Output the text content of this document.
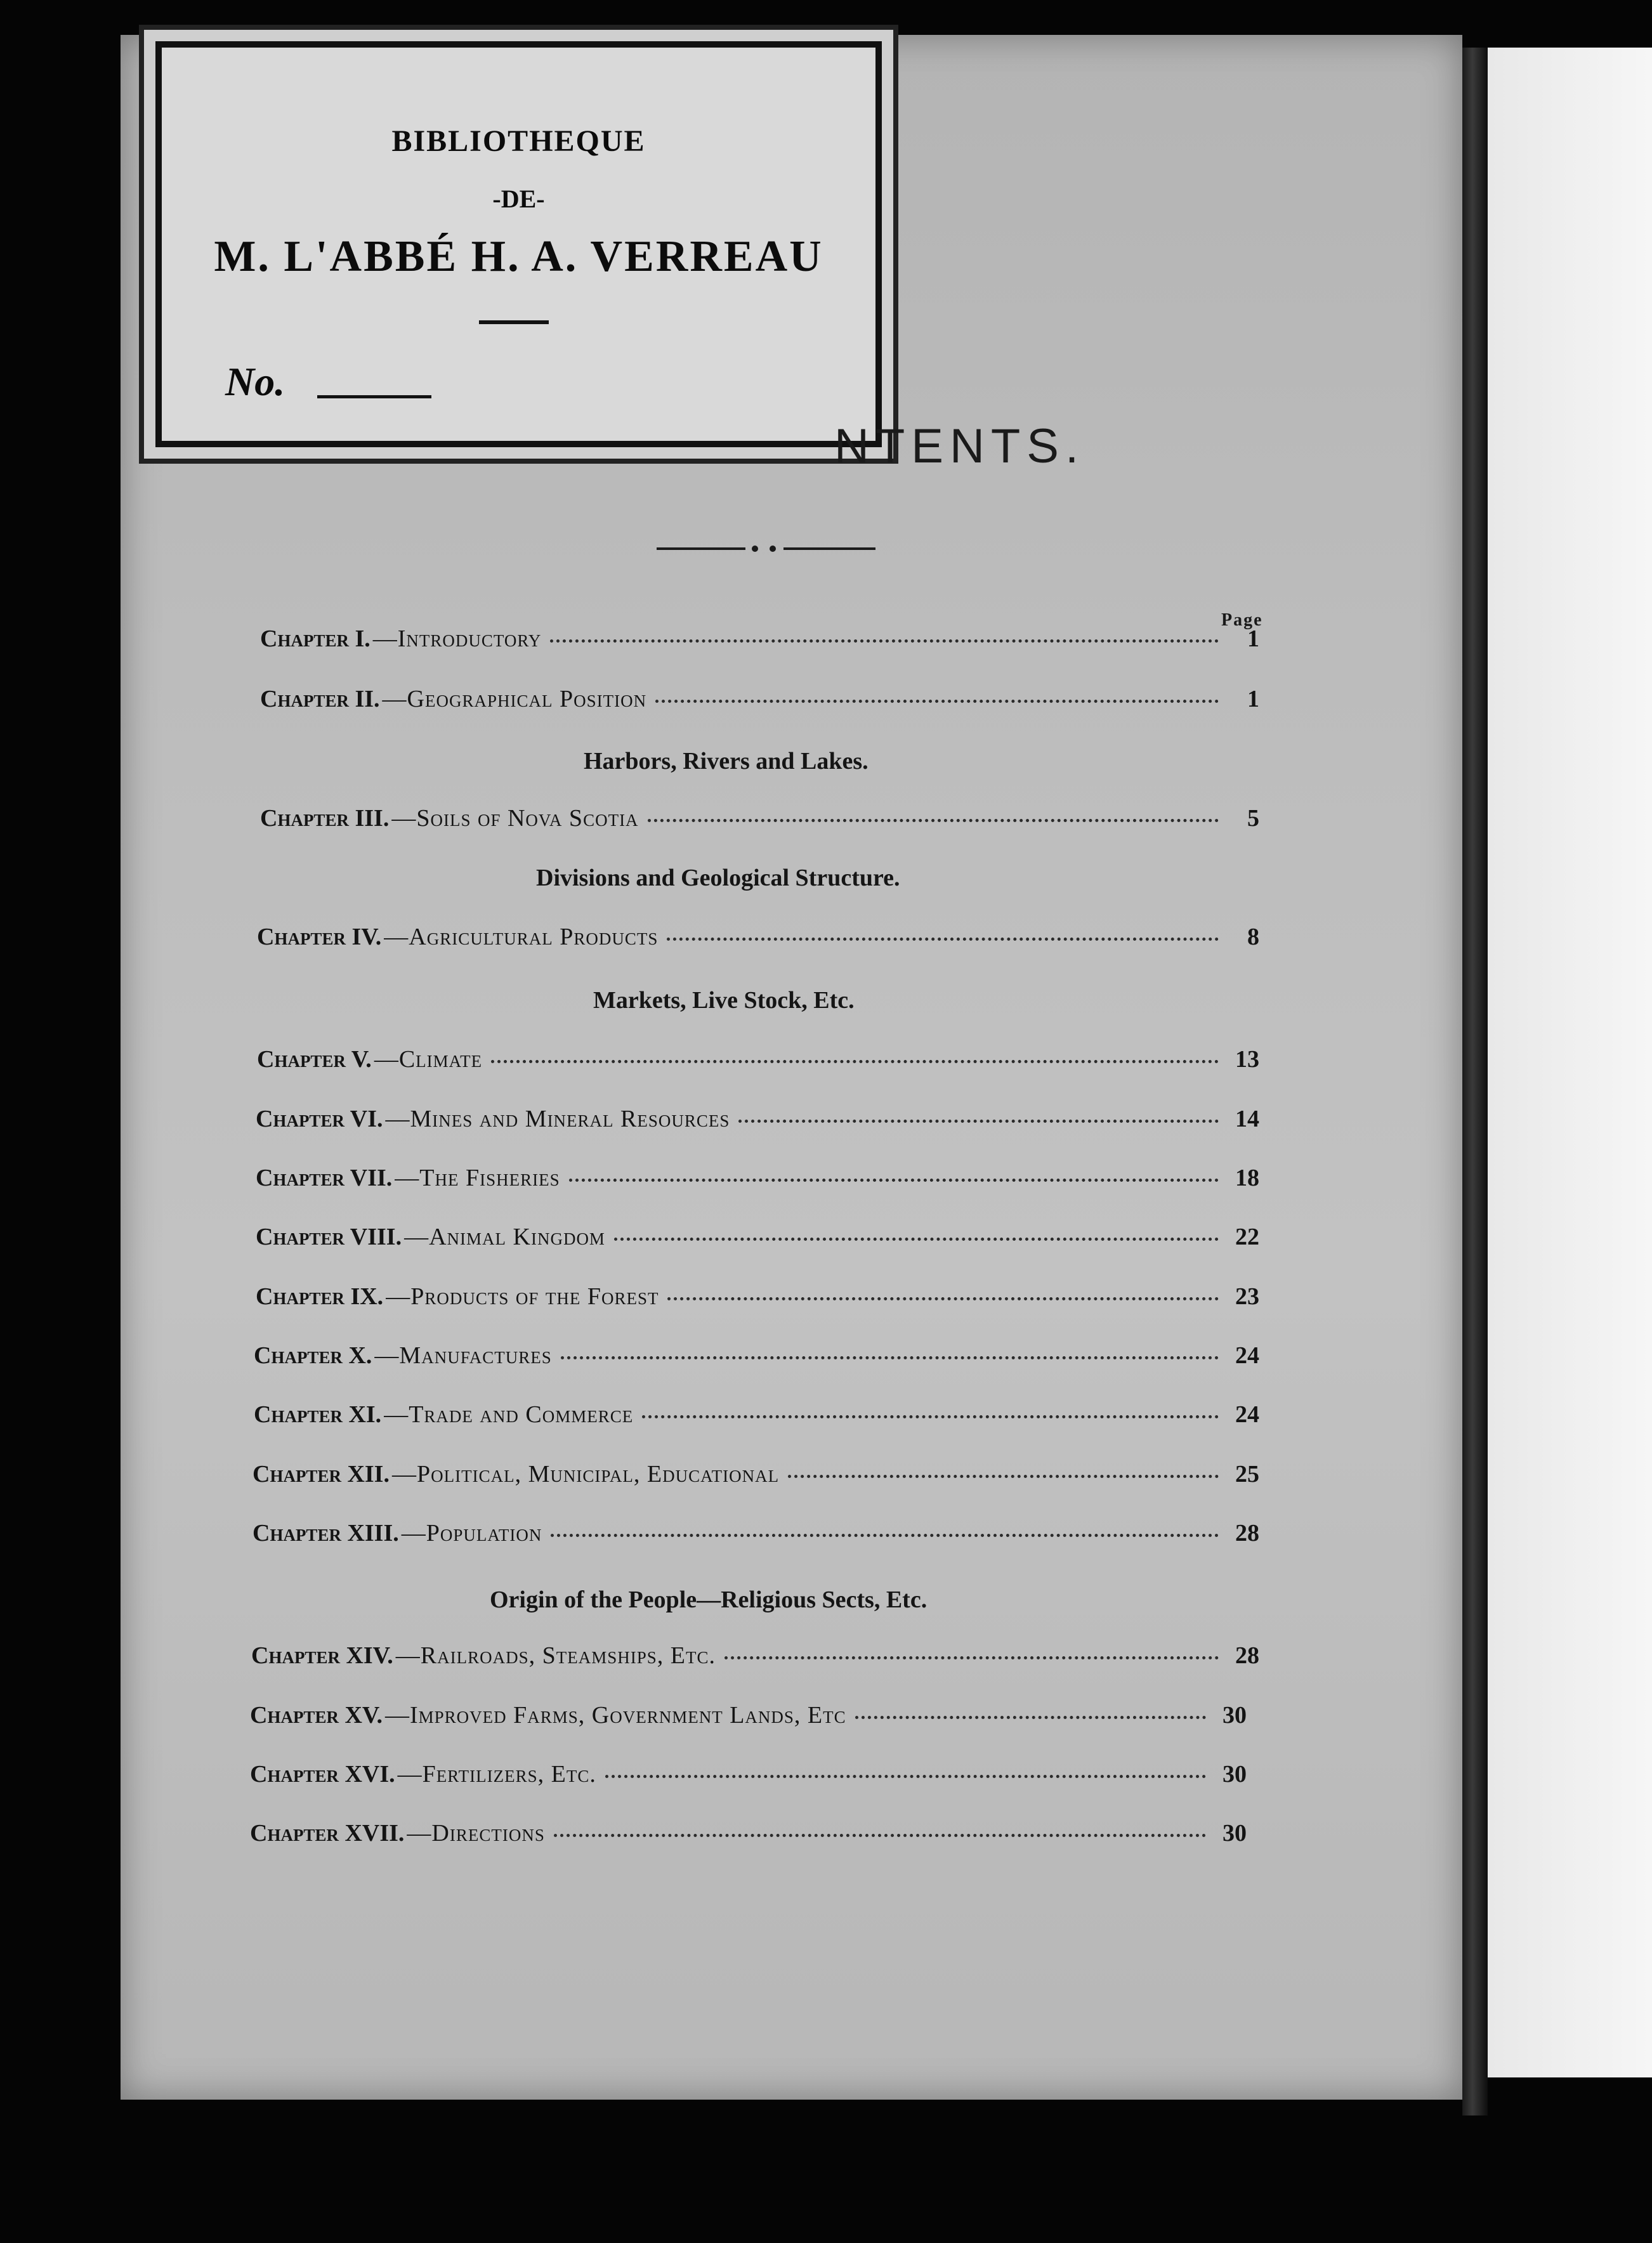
BIBLIOTHEQUE
-DE-
M. L'ABBÉ H. A. VERREAU
No.
NTENTS.
Page
Chapter I. —Introductory	1
Chapter II. —Geographical Position	1
Harbors, Rivers and Lakes.
Chapter III. —Soils of Nova Scotia	5
Divisions and Geological Structure.
Chapter IV. —Agricultural Products	8
Markets, Live Stock, Etc.
Chapter V. —Climate	13
Chapter VI. —Mines and Mineral Resources	14
Chapter VII. —The Fisheries	18
Chapter VIII. —Animal Kingdom	22
Chapter IX. —Products of the Forest	23
Chapter X. —Manufactures	24
Chapter XI. —Trade and Commerce	24
Chapter XII. —Political, Municipal, Educational	25
Chapter XIII. —Population	28
Origin of the People—Religious Sects, Etc.
Chapter XIV. —Railroads, Steamships, Etc.	28
Chapter XV. —Improved Farms, Government Lands, Etc	30
Chapter XVI. —Fertilizers, Etc.	30
Chapter XVII. —Directions	30
